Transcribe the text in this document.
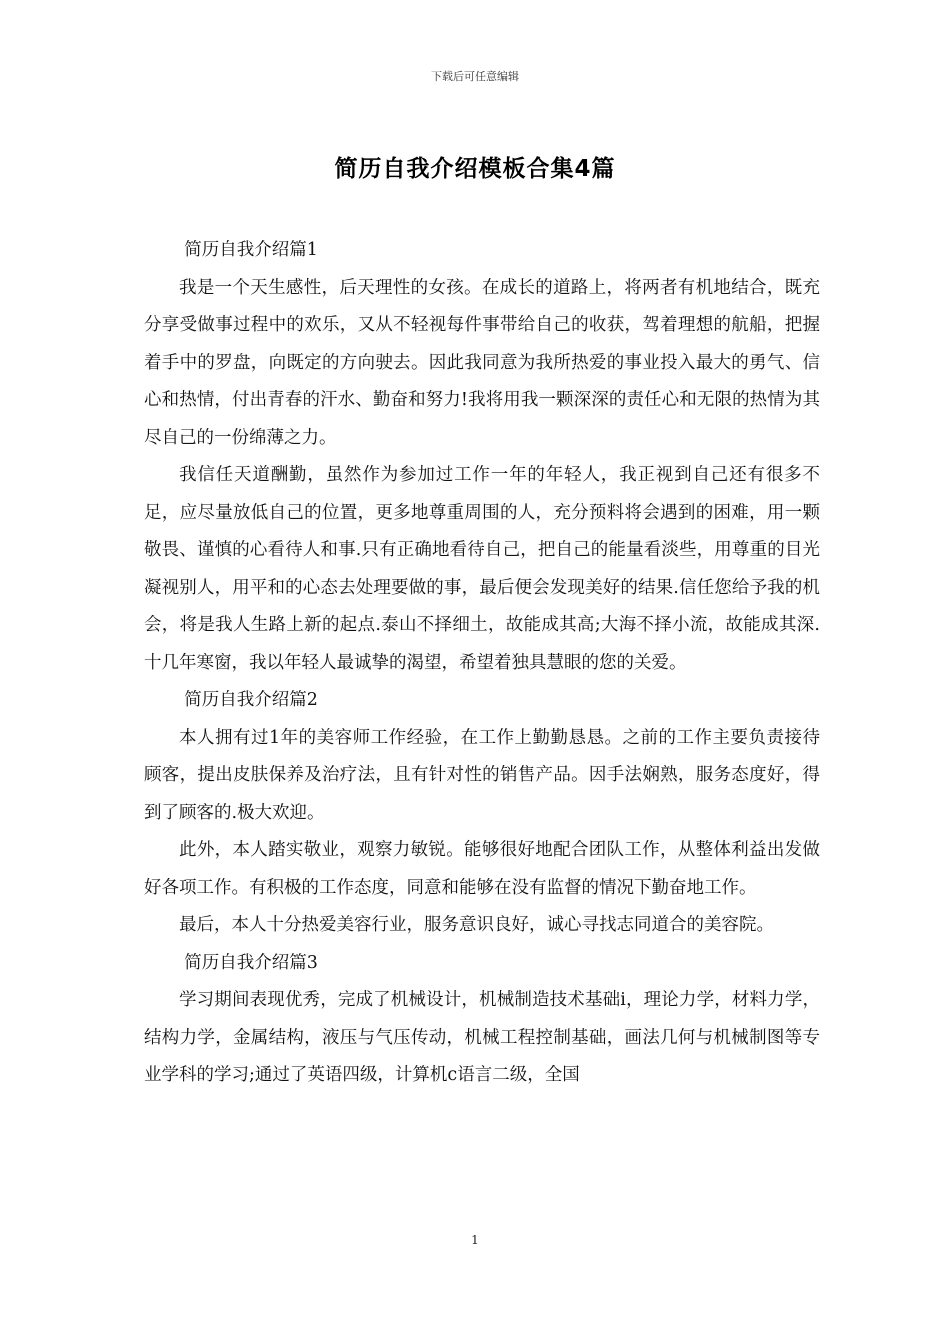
下载后可任意编辑
简历自我介绍模板合集4篇

简历自我介绍篇1

我是一个天生感性，后天理性的女孩。在成长的道路上，将两者有机地结合，既充分享受做事过程中的欢乐，又从不轻视每件事带给自己的收获，驾着理想的航船，把握着手中的罗盘，向既定的方向驶去。因此我同意为我所热爱的事业投入最大的勇气、信心和热情，付出青春的汗水、勤奋和努力!我将用我一颗深深的责任心和无限的热情为其尽自己的一份绵薄之力。

我信任天道酬勤，虽然作为参加过工作一年的年轻人，我正视到自己还有很多不足，应尽量放低自己的位置，更多地尊重周围的人，充分预料将会遇到的困难，用一颗敬畏、谨慎的心看待人和事.只有正确地看待自己，把自己的能量看淡些，用尊重的目光凝视别人，用平和的心态去处理要做的事，最后便会发现美好的结果.信任您给予我的机会，将是我人生路上新的起点.泰山不择细土，故能成其高;大海不择小流，故能成其深.十几年寒窗，我以年轻人最诚挚的渴望，希望着独具慧眼的您的关爱。

简历自我介绍篇2

本人拥有过1年的美容师工作经验，在工作上勤勤恳恳。之前的工作主要负责接待顾客，提出皮肤保养及治疗法，且有针对性的销售产品。因手法娴熟，服务态度好，得到了顾客的.极大欢迎。

此外，本人踏实敬业，观察力敏锐。能够很好地配合团队工作，从整体利益出发做好各项工作。有积极的工作态度，同意和能够在没有监督的情况下勤奋地工作。

最后，本人十分热爱美容行业，服务意识良好，诚心寻找志同道合的美容院。

简历自我介绍篇3

学习期间表现优秀，完成了机械设计，机械制造技术基础ⅰ，理论力学，材料力学，结构力学，金属结构，液压与气压传动，机械工程控制基础，画法几何与机械制图等专业学科的学习;通过了英语四级，计算机c语言二级，全国

1
